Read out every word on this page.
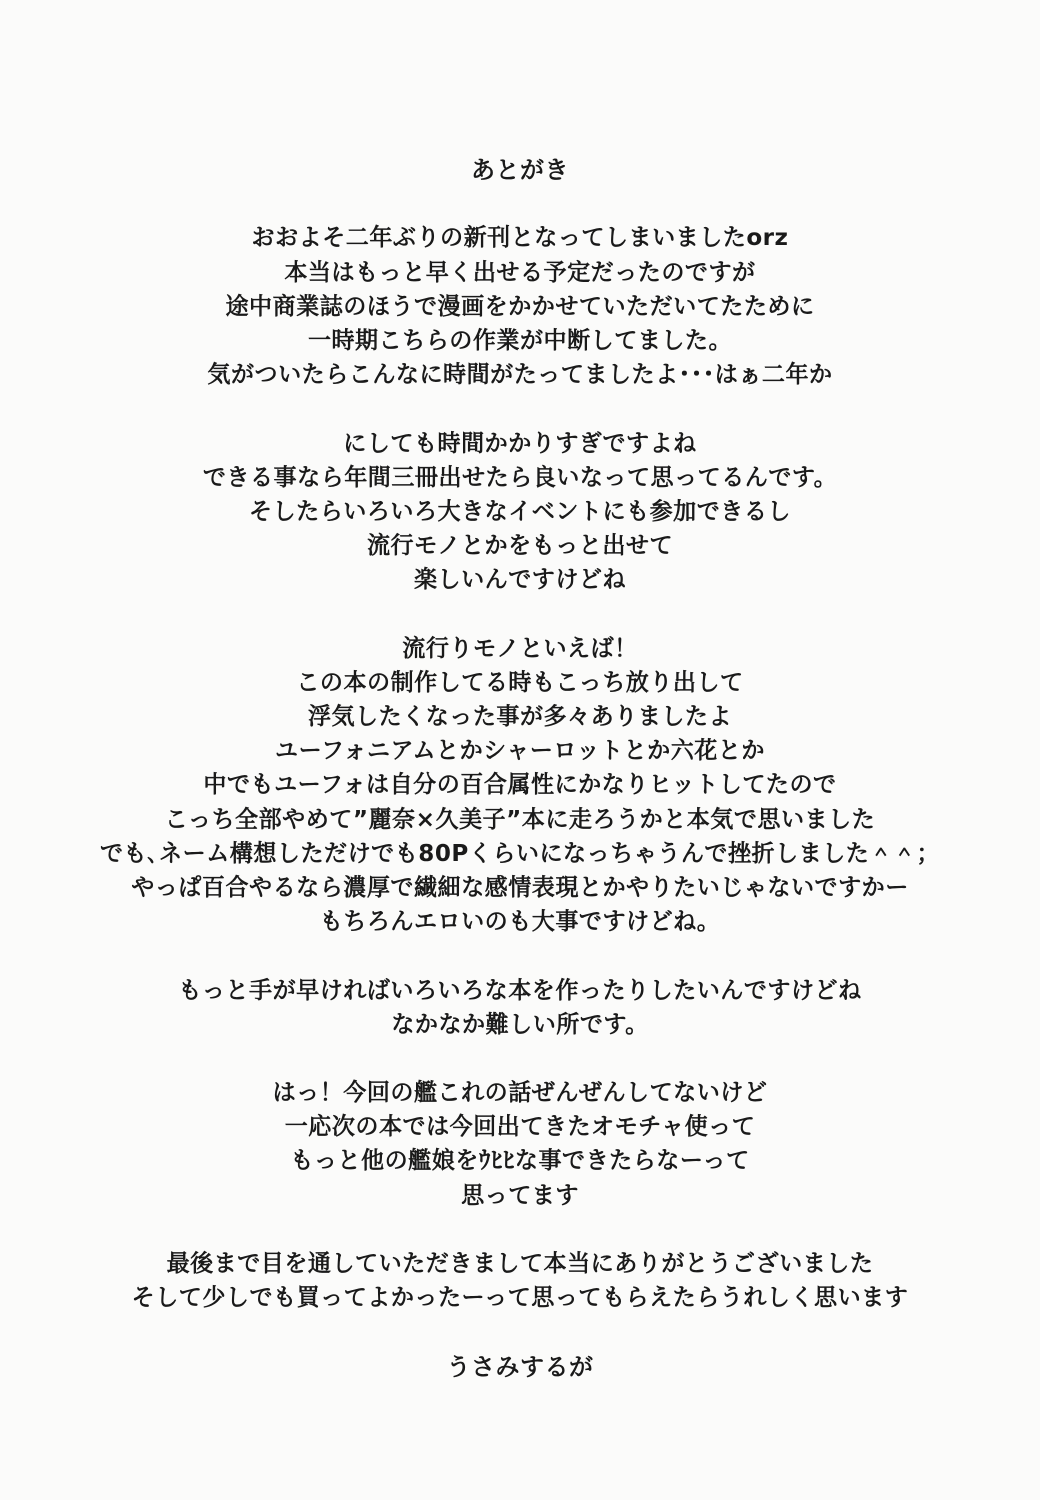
あとがき
おおよそ二年ぶりの新刊となってしまいましたorz
本当はもっと早く出せる予定だったのですが
途中商業誌のほうで漫画をかかせていただいてたために
一時期こちらの作業が中断してました。
気がついたらこんなに時間がたってましたよ･･･はぁ二年か
にしても時間かかりすぎですよね
できる事なら年間三冊出せたら良いなって思ってるんです。
そしたらいろいろ大きなイベントにも参加できるし
流行モノとかをもっと出せて
楽しいんですけどね
流行りモノといえば！
この本の制作してる時もこっち放り出して
浮気したくなった事が多々ありましたよ
ユーフォニアムとかシャーロットとか六花とか
中でもユーフォは自分の百合属性にかなりヒットしてたので
こっち全部やめて”麗奈×久美子”本に走ろうかと本気で思いました
でも､ネーム構想しただけでも80Pくらいになっちゃうんで挫折しました＾＾；
やっぱ百合やるなら濃厚で繊細な感情表現とかやりたいじゃないですかー
もちろんエロいのも大事ですけどね。
もっと手が早ければいろいろな本を作ったりしたいんですけどね
なかなか難しい所です。
はっ！今回の艦これの話ぜんぜんしてないけど
一応次の本では今回出てきたオモチャ使って
もっと他の艦娘をｳﾋﾋな事できたらなーって
思ってます
最後まで目を通していただきまして本当にありがとうございました
そして少しでも買ってよかったーって思ってもらえたらうれしく思います
うさみするが
